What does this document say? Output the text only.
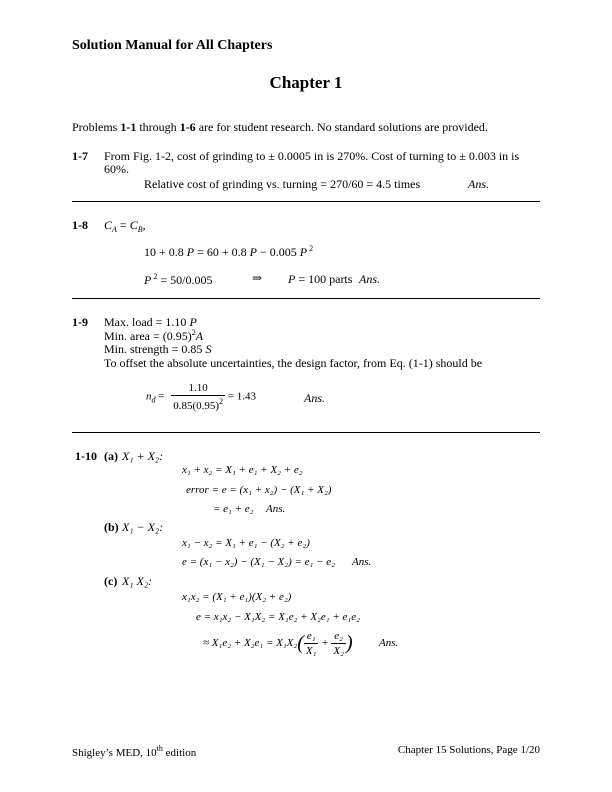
Solution Manual for All Chapters
Chapter 1
Problems 1-1 through 1-6 are for student research. No standard solutions are provided.
1-7 From Fig. 1-2, cost of grinding to ± 0.0005 in is 270%. Cost of turning to ± 0.003 in is
60%.
Relative cost of grinding vs. turning = 270/60 = 4.5 times	Ans.
1-8 $C_A = C_B$,
10 + 0.8 P = 60 + 0.8 P − 0.005 P $^2$
P $^2$ = 50/0.005	⇒ P = 100 parts Ans.
1-9 Max. load = 1.10 P
Min. area = $(0.95)^2A$
Min. strength = 0.85 S
To offset the absolute uncertainties, the design factor, from Eq. (1-1) should be
$n_d = \frac{1.10}{0.85(0.95)^2} = 1.43$	Ans.
1-10 (a) X₁ + X₂:
x₁ + x₂ = X₁ + e₁ + X₂ + e₂
error = e = (x₁ + x₂) − (X₁ + X₂)
= e₁ + e₂ Ans.
(b) X₁ − X₂:
x₁ − x₂ = X₁ + e₁ − (X₂ + e₂)
e = (x₁ − x₂) − (X₁ − X₂) = e₁ − e₂ Ans.
(c) X₁ X₂:
x₁x₂ = (X₁ + e₁)(X₂ + e₂)
e = x₁x₂ − X₁X₂ = X₁e₂ + X₂e₁ + e₁e₂
≈ $X_1e_2 + X_2e_1 = X_1X_2( \frac{\text{e₁}}{\text{X₁}} + \frac{\text{e₂}}{\text{X₂}}$ ) Ans.
Shigley’s MED, 10th edition	Chapter 15 Solutions, Page 1/20
